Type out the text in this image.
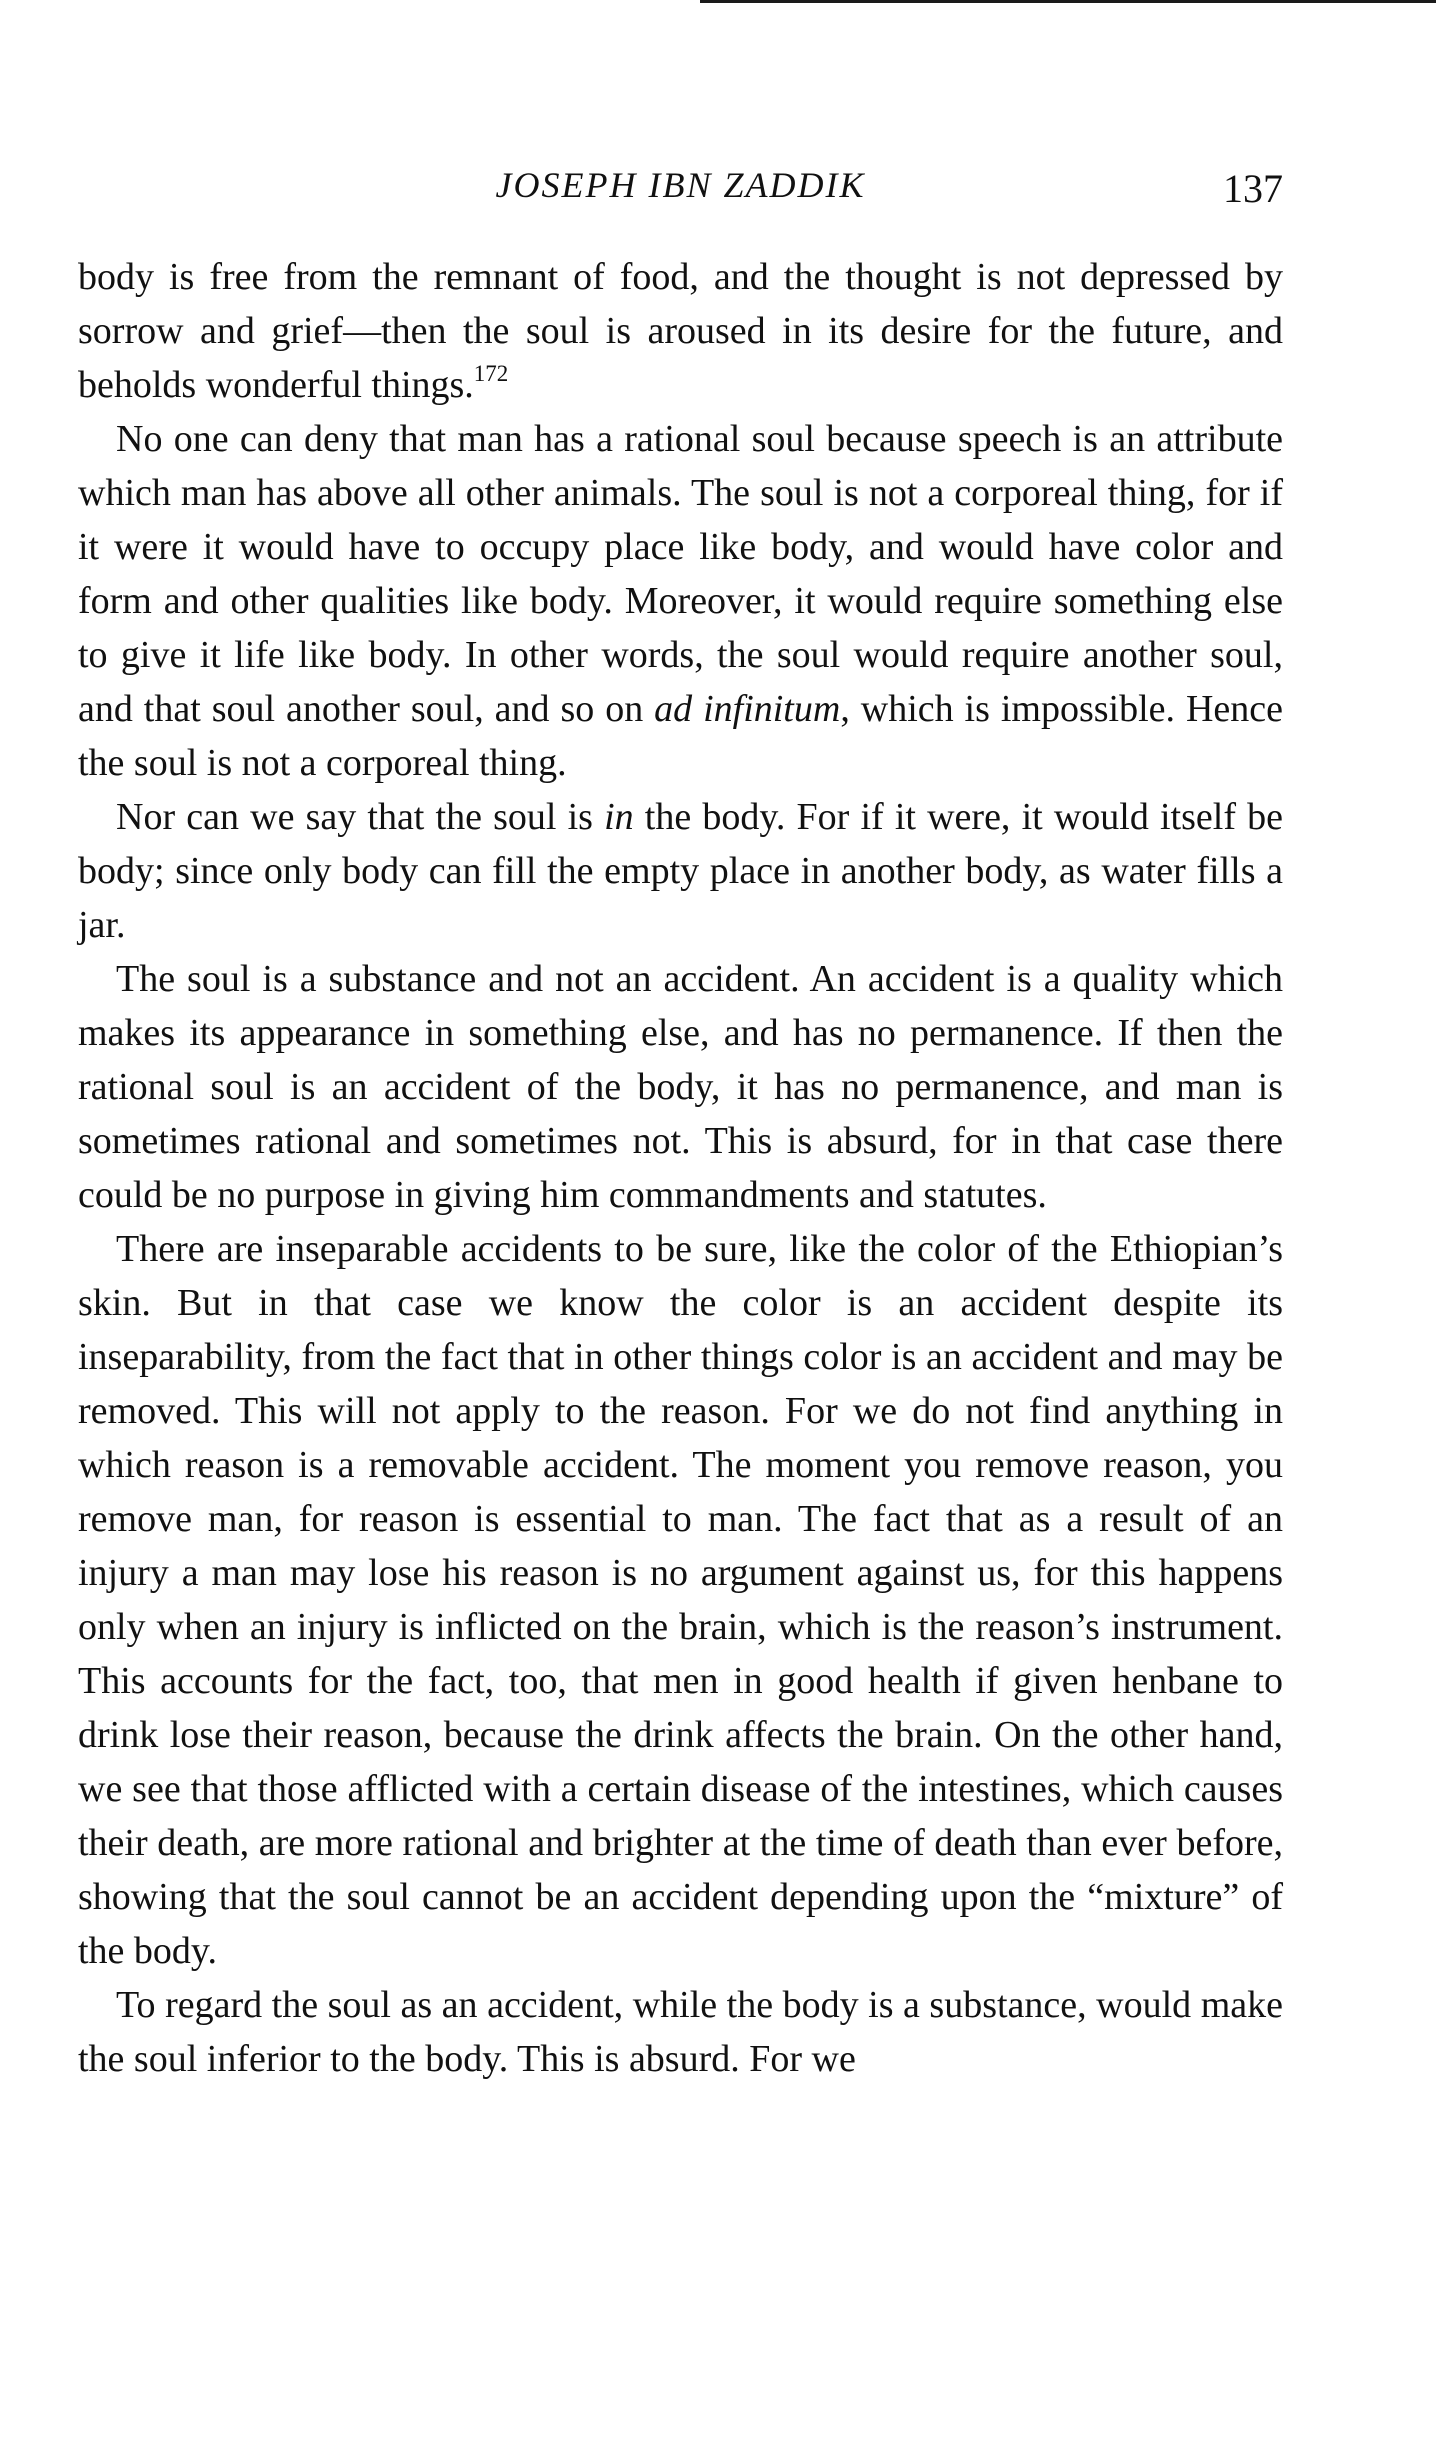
JOSEPH IBN ZADDIK	137

body is free from the remnant of food, and the thought is not depressed by sorrow and grief—then the soul is aroused in its desire for the future, and beholds wonderful things.$^{172}$

No one can deny that man has a rational soul because speech is an attribute which man has above all other animals. The soul is not a corporeal thing, for if it were it would have to occupy place like body, and would have color and form and other qualities like body. Moreover, it would require something else to give it life like body. In other words, the soul would require another soul, and that soul another soul, and so on ad infinitum, which is impossible. Hence the soul is not a corporeal thing.

Nor can we say that the soul is in the body. For if it were, it would itself be body; since only body can fill the empty place in another body, as water fills a jar.

The soul is a substance and not an accident. An accident is a quality which makes its appearance in something else, and has no permanence. If then the rational soul is an accident of the body, it has no permanence, and man is sometimes rational and sometimes not. This is absurd, for in that case there could be no purpose in giving him commandments and statutes.

There are inseparable accidents to be sure, like the color of the Ethiopian’s skin. But in that case we know the color is an accident despite its inseparability, from the fact that in other things color is an accident and may be removed. This will not apply to the reason. For we do not find anything in which reason is a removable accident. The moment you remove reason, you remove man, for reason is essential to man. The fact that as a result of an injury a man may lose his reason is no argument against us, for this happens only when an injury is inflicted on the brain, which is the reason’s instrument. This accounts for the fact, too, that men in good health if given henbane to drink lose their reason, because the drink affects the brain. On the other hand, we see that those afflicted with a certain disease of the intestines, which causes their death, are more rational and brighter at the time of death than ever before, showing that the soul cannot be an accident depending upon the “mixture” of the body.

To regard the soul as an accident, while the body is a substance, would make the soul inferior to the body. This is absurd. For we
